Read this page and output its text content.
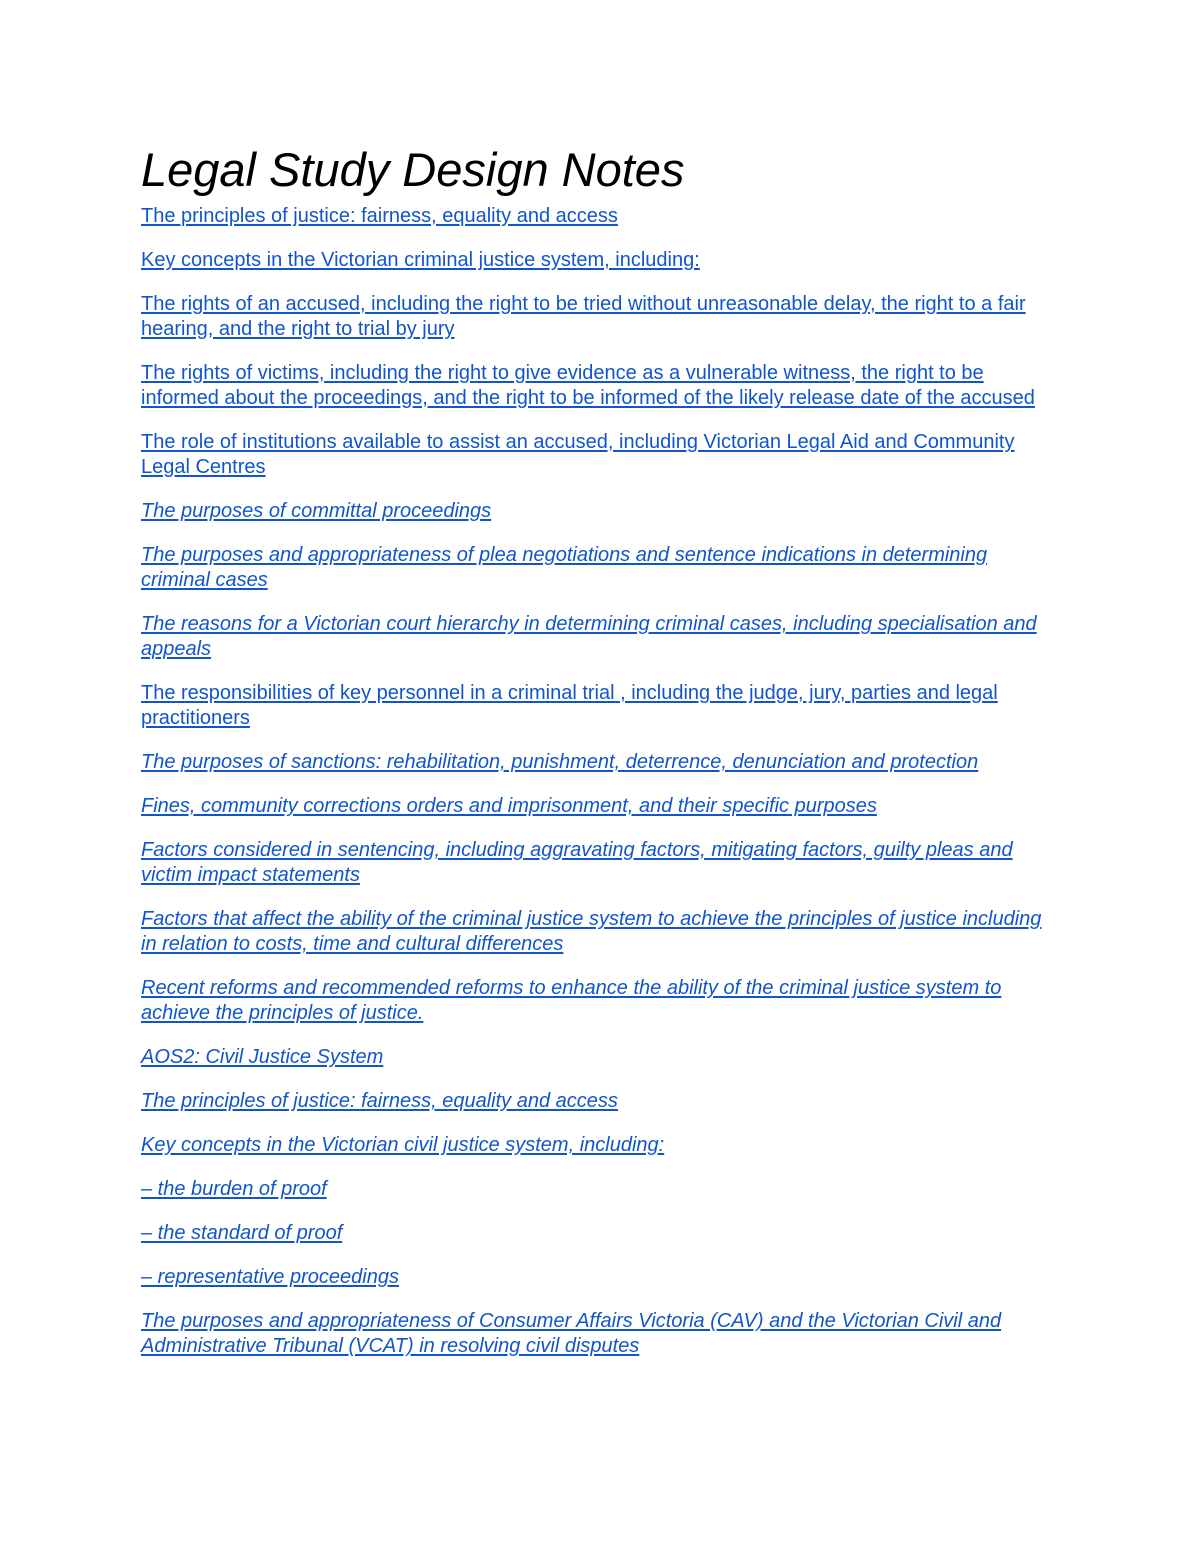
Legal Study Design Notes
The principles of justice: fairness, equality and access
Key concepts in the Victorian criminal justice system, including:
The rights of an accused, including the right to be tried without unreasonable delay, the right to a fair hearing, and the right to trial by jury
The rights of victims, including the right to give evidence as a vulnerable witness, the right to be informed about the proceedings, and the right to be informed of the likely release date of the accused
The role of institutions available to assist an accused, including Victorian Legal Aid and Community Legal Centres
The purposes of committal proceedings
The purposes and appropriateness of plea negotiations and sentence indications in determining criminal cases
The reasons for a Victorian court hierarchy in determining criminal cases, including specialisation and appeals
The responsibilities of key personnel in a criminal trial , including the judge, jury, parties and legal practitioners
The purposes of sanctions: rehabilitation, punishment, deterrence, denunciation and protection
Fines, community corrections orders and imprisonment, and their specific purposes
Factors considered in sentencing, including aggravating factors, mitigating factors, guilty pleas and victim impact statements
Factors that affect the ability of the criminal justice system to achieve the principles of justice including in relation to costs, time and cultural differences
Recent reforms and recommended reforms to enhance the ability of the criminal justice system to achieve the principles of justice.
AOS2: Civil Justice System
The principles of justice: fairness, equality and access
Key concepts in the Victorian civil justice system, including:
– the burden of proof
– the standard of proof
– representative proceedings
The purposes and appropriateness of Consumer Affairs Victoria (CAV) and the Victorian Civil and Administrative Tribunal (VCAT) in resolving civil disputes
